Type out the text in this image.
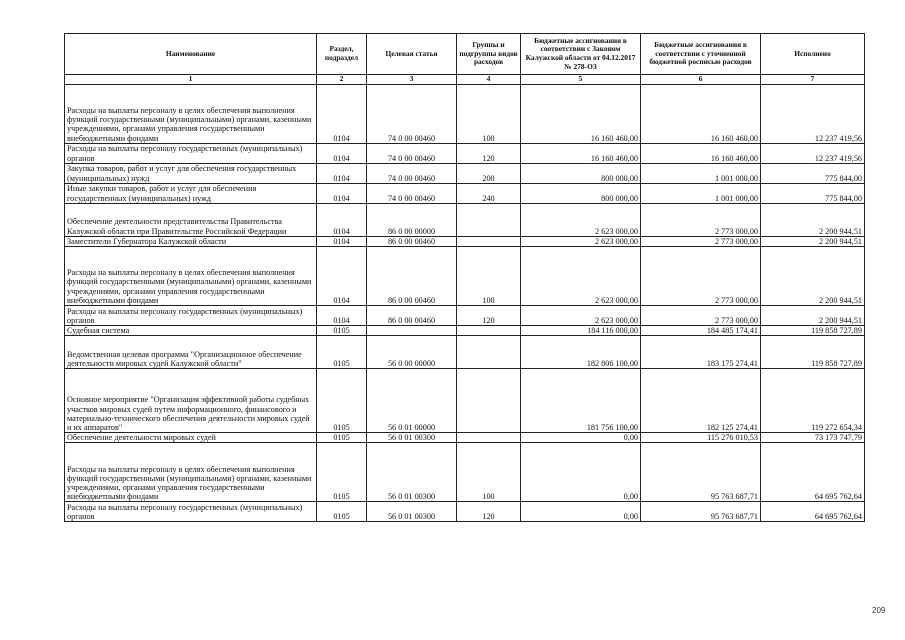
Наименование	Раздел, подраздел	Целевая статья	Группы и подгруппы видов расходов	Бюджетные ассигнования в соответствии с Законом Калужской области от 04.12.2017 № 278-ОЗ	Бюджетные ассигнования в соответствии с уточненной бюджетной росписью расходов	Исполнено
1	2	3	4	5	6	7
Расходы на выплаты персоналу в целях обеспечения выполнения функций государственными (муниципальными) органами, казенными учреждениями, органами управления государственными внебюджетными фондами	0104	74 0 00 00460	100	16 160 460,00	16 160 460,00	12 237 419,56
Расходы на выплаты персоналу государственных (муниципальных) органов	0104	74 0 00 00460	120	16 160 460,00	16 160 460,00	12 237 419,56
Закупка товаров, работ и услуг для обеспечения государственных (муниципальных) нужд	0104	74 0 00 00460	200	800 000,00	1 001 000,00	775 844,00
Иные закупки товаров, работ и услуг для обеспечения государственных (муниципальных) нужд	0104	74 0 00 00460	240	800 000,00	1 001 000,00	775 844,00
Обеспечение деятельности представительства Правительства Калужской области при Правительстве Российской Федерации	0104	86 0 00 00000		2 623 000,00	2 773 000,00	2 200 944,51
Заместители Губернатора Калужской области	0104	86 0 00 00460		2 623 000,00	2 773 000,00	2 200 944,51
Расходы на выплаты персоналу в целях обеспечения выполнения функций государственными (муниципальными) органами, казенными учреждениями, органами управления государственными внебюджетными фондами	0104	86 0 00 00460	100	2 623 000,00	2 773 000,00	2 200 944,51
Расходы на выплаты персоналу государственных (муниципальных) органов	0104	86 0 00 00460	120	2 623 000,00	2 773 000,00	2 200 944,51
Судебная система	0105			184 116 000,00	184 485 174,41	119 858 727,89
Ведомственная целевая программа "Организационное обеспечение деятельности мировых судей Калужской области"	0105	56 0 00 00000		182 806 100,00	183 175 274,41	119 858 727,89
Основное мероприятие "Организация эффективной работы судебных участков мировых судей путем информационного, финансового и материально-технического обеспечения деятельности мировых судей и их аппаратов"	0105	56 0 01 00000		181 756 100,00	182 125 274,41	119 272 654,34
Обеспечение деятельности мировых судей	0105	56 0 01 00300		0,00	115 276 010,53	73 173 747,79
Расходы на выплаты персоналу в целях обеспечения выполнения функций государственными (муниципальными) органами, казенными учреждениями, органами управления государственными внебюджетными фондами	0105	56 0 01 00300	100	0,00	95 763 687,71	64 695 762,64
Расходы на выплаты персоналу государственных (муниципальных) органов	0105	56 0 01 00300	120	0,00	95 763 687,71	64 695 762,64
209
